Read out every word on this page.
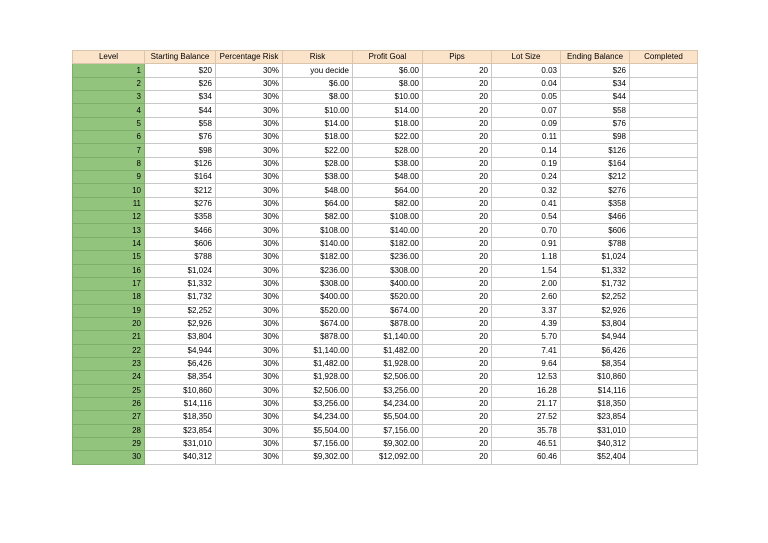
Level	Starting Balance	Percentage Risk	Risk	Profit Goal	Pips	Lot Size	Ending Balance	Completed
1	$20	30%	you decide	$6.00	20	0.03	$26	
2	$26	30%	$6.00	$8.00	20	0.04	$34	
3	$34	30%	$8.00	$10.00	20	0.05	$44	
4	$44	30%	$10.00	$14.00	20	0.07	$58	
5	$58	30%	$14.00	$18.00	20	0.09	$76	
6	$76	30%	$18.00	$22.00	20	0.11	$98	
7	$98	30%	$22.00	$28.00	20	0.14	$126	
8	$126	30%	$28.00	$38.00	20	0.19	$164	
9	$164	30%	$38.00	$48.00	20	0.24	$212	
10	$212	30%	$48.00	$64.00	20	0.32	$276	
11	$276	30%	$64.00	$82.00	20	0.41	$358	
12	$358	30%	$82.00	$108.00	20	0.54	$466	
13	$466	30%	$108.00	$140.00	20	0.70	$606	
14	$606	30%	$140.00	$182.00	20	0.91	$788	
15	$788	30%	$182.00	$236.00	20	1.18	$1,024	
16	$1,024	30%	$236.00	$308.00	20	1.54	$1,332	
17	$1,332	30%	$308.00	$400.00	20	2.00	$1,732	
18	$1,732	30%	$400.00	$520.00	20	2.60	$2,252	
19	$2,252	30%	$520.00	$674.00	20	3.37	$2,926	
20	$2,926	30%	$674.00	$878.00	20	4.39	$3,804	
21	$3,804	30%	$878.00	$1,140.00	20	5.70	$4,944	
22	$4,944	30%	$1,140.00	$1,482.00	20	7.41	$6,426	
23	$6,426	30%	$1,482.00	$1,928.00	20	9.64	$8,354	
24	$8,354	30%	$1,928.00	$2,506.00	20	12.53	$10,860	
25	$10,860	30%	$2,506.00	$3,256.00	20	16.28	$14,116	
26	$14,116	30%	$3,256.00	$4,234.00	20	21.17	$18,350	
27	$18,350	30%	$4,234.00	$5,504.00	20	27.52	$23,854	
28	$23,854	30%	$5,504.00	$7,156.00	20	35.78	$31,010	
29	$31,010	30%	$7,156.00	$9,302.00	20	46.51	$40,312	
30	$40,312	30%	$9,302.00	$12,092.00	20	60.46	$52,404	
